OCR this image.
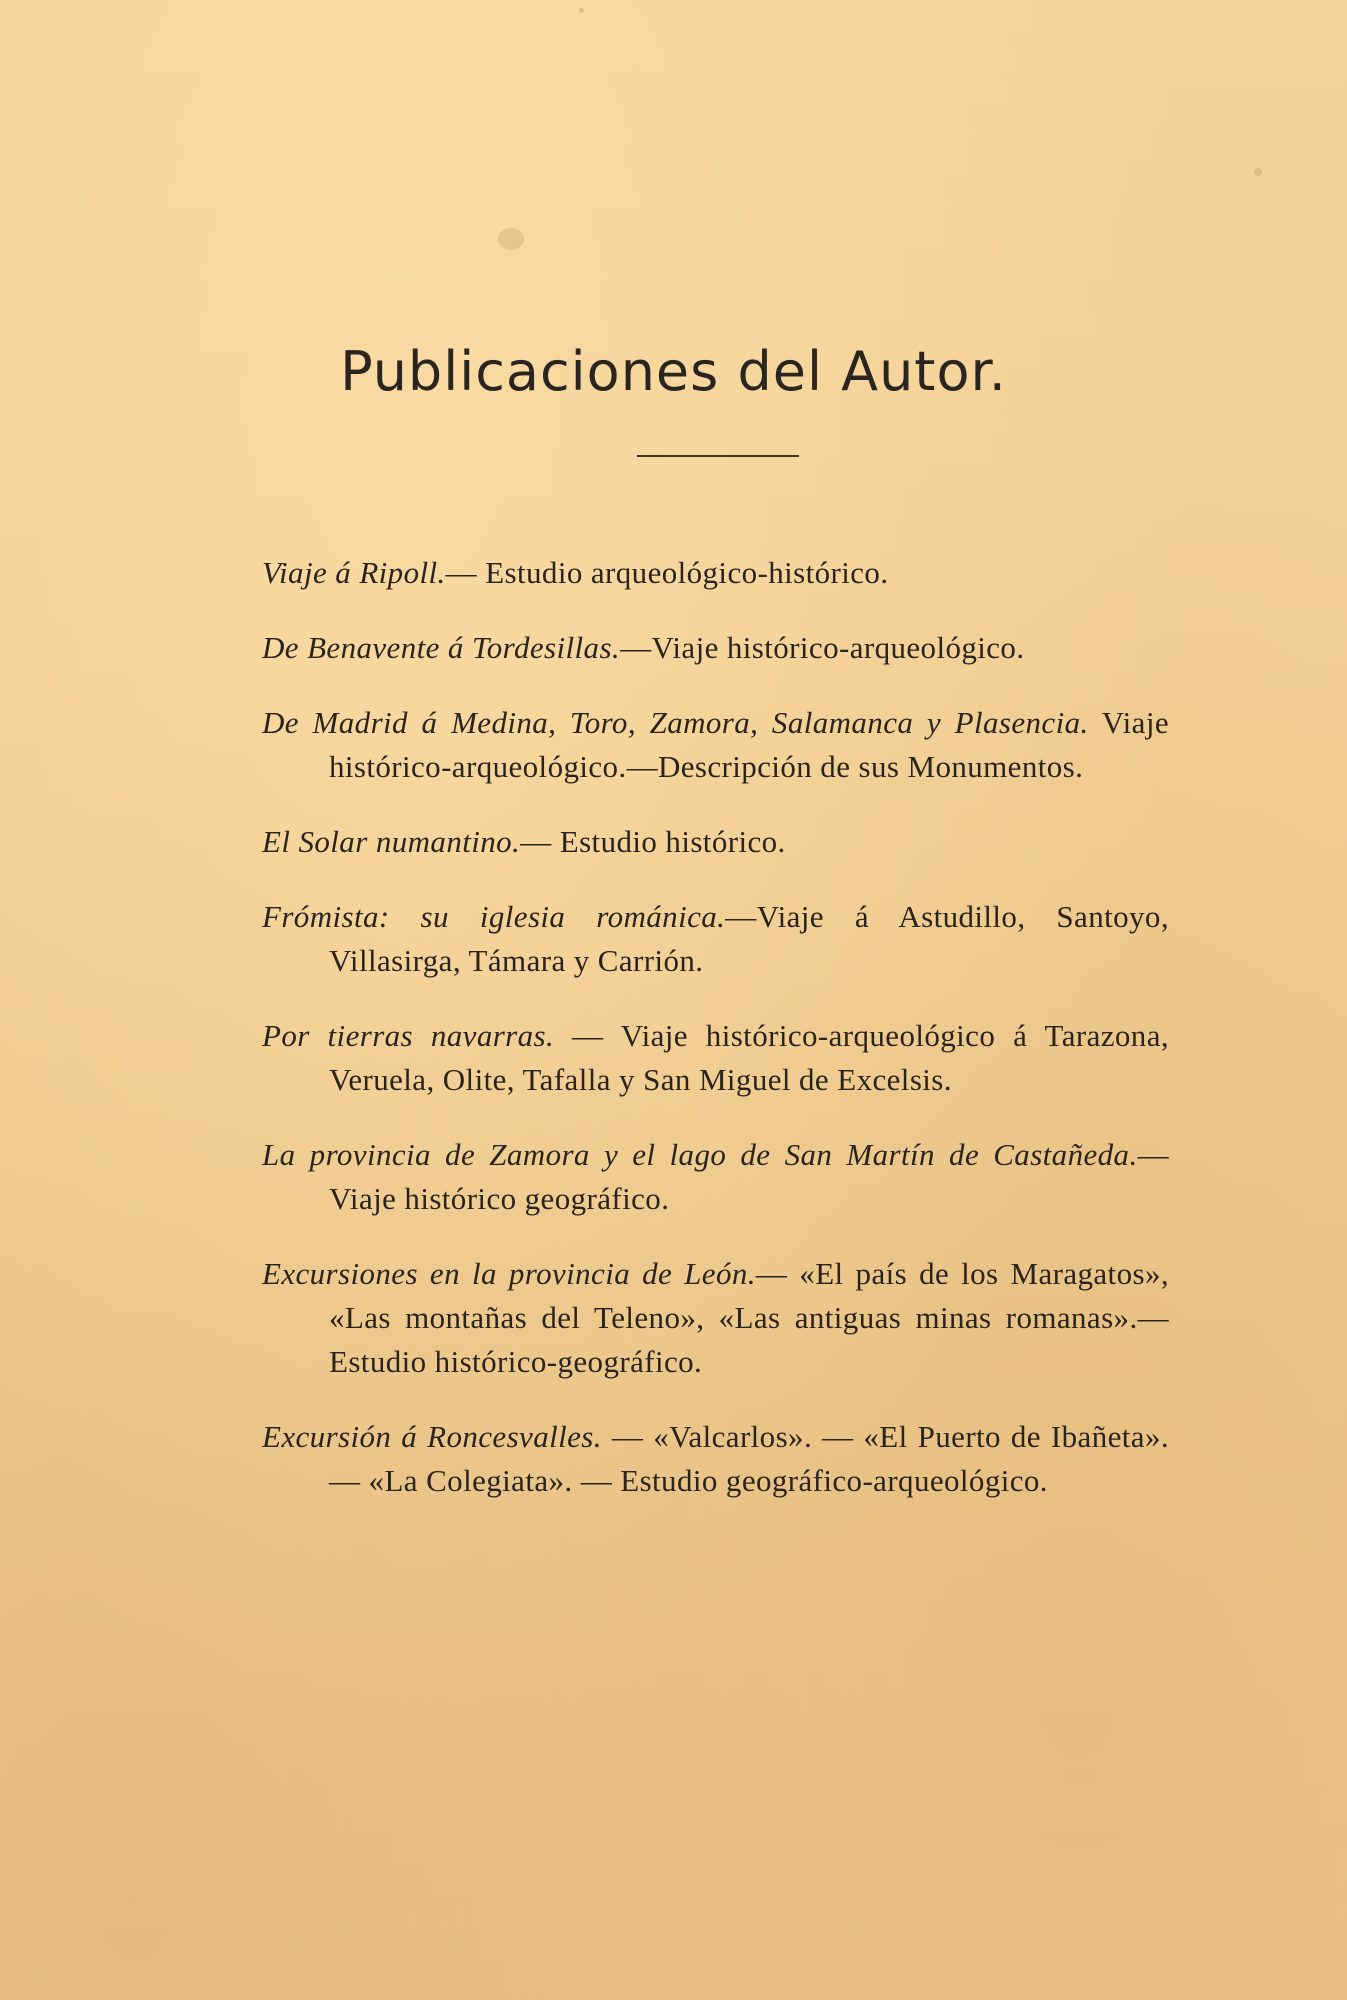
Publicaciones del Autor.

Viaje á Ripoll.— Estudio arqueológico-histórico.

De Benavente á Tordesillas.—Viaje histórico-arqueológico.

De Madrid á Medina, Toro, Zamora, Salamanca y Plasencia. Viaje histórico-arqueológico.—Descripción de sus Monumentos.

El Solar numantino.— Estudio histórico.

Frómista: su iglesia románica.—Viaje á Astudillo, Santoyo, Villasirga, Támara y Carrión.

Por tierras navarras. — Viaje histórico-arqueológico á Tarazona, Veruela, Olite, Tafalla y San Miguel de Excelsis.

La provincia de Zamora y el lago de San Martín de Castañeda.—Viaje histórico geográfico.

Excursiones en la provincia de León.— «El país de los Maragatos», «Las montañas del Teleno», «Las antiguas minas romanas».—Estudio histórico-geográfico.

Excursión á Roncesvalles. — «Valcarlos». — «El Puerto de Ibañeta». — «La Colegiata». — Estudio geográfico-arqueológico.
